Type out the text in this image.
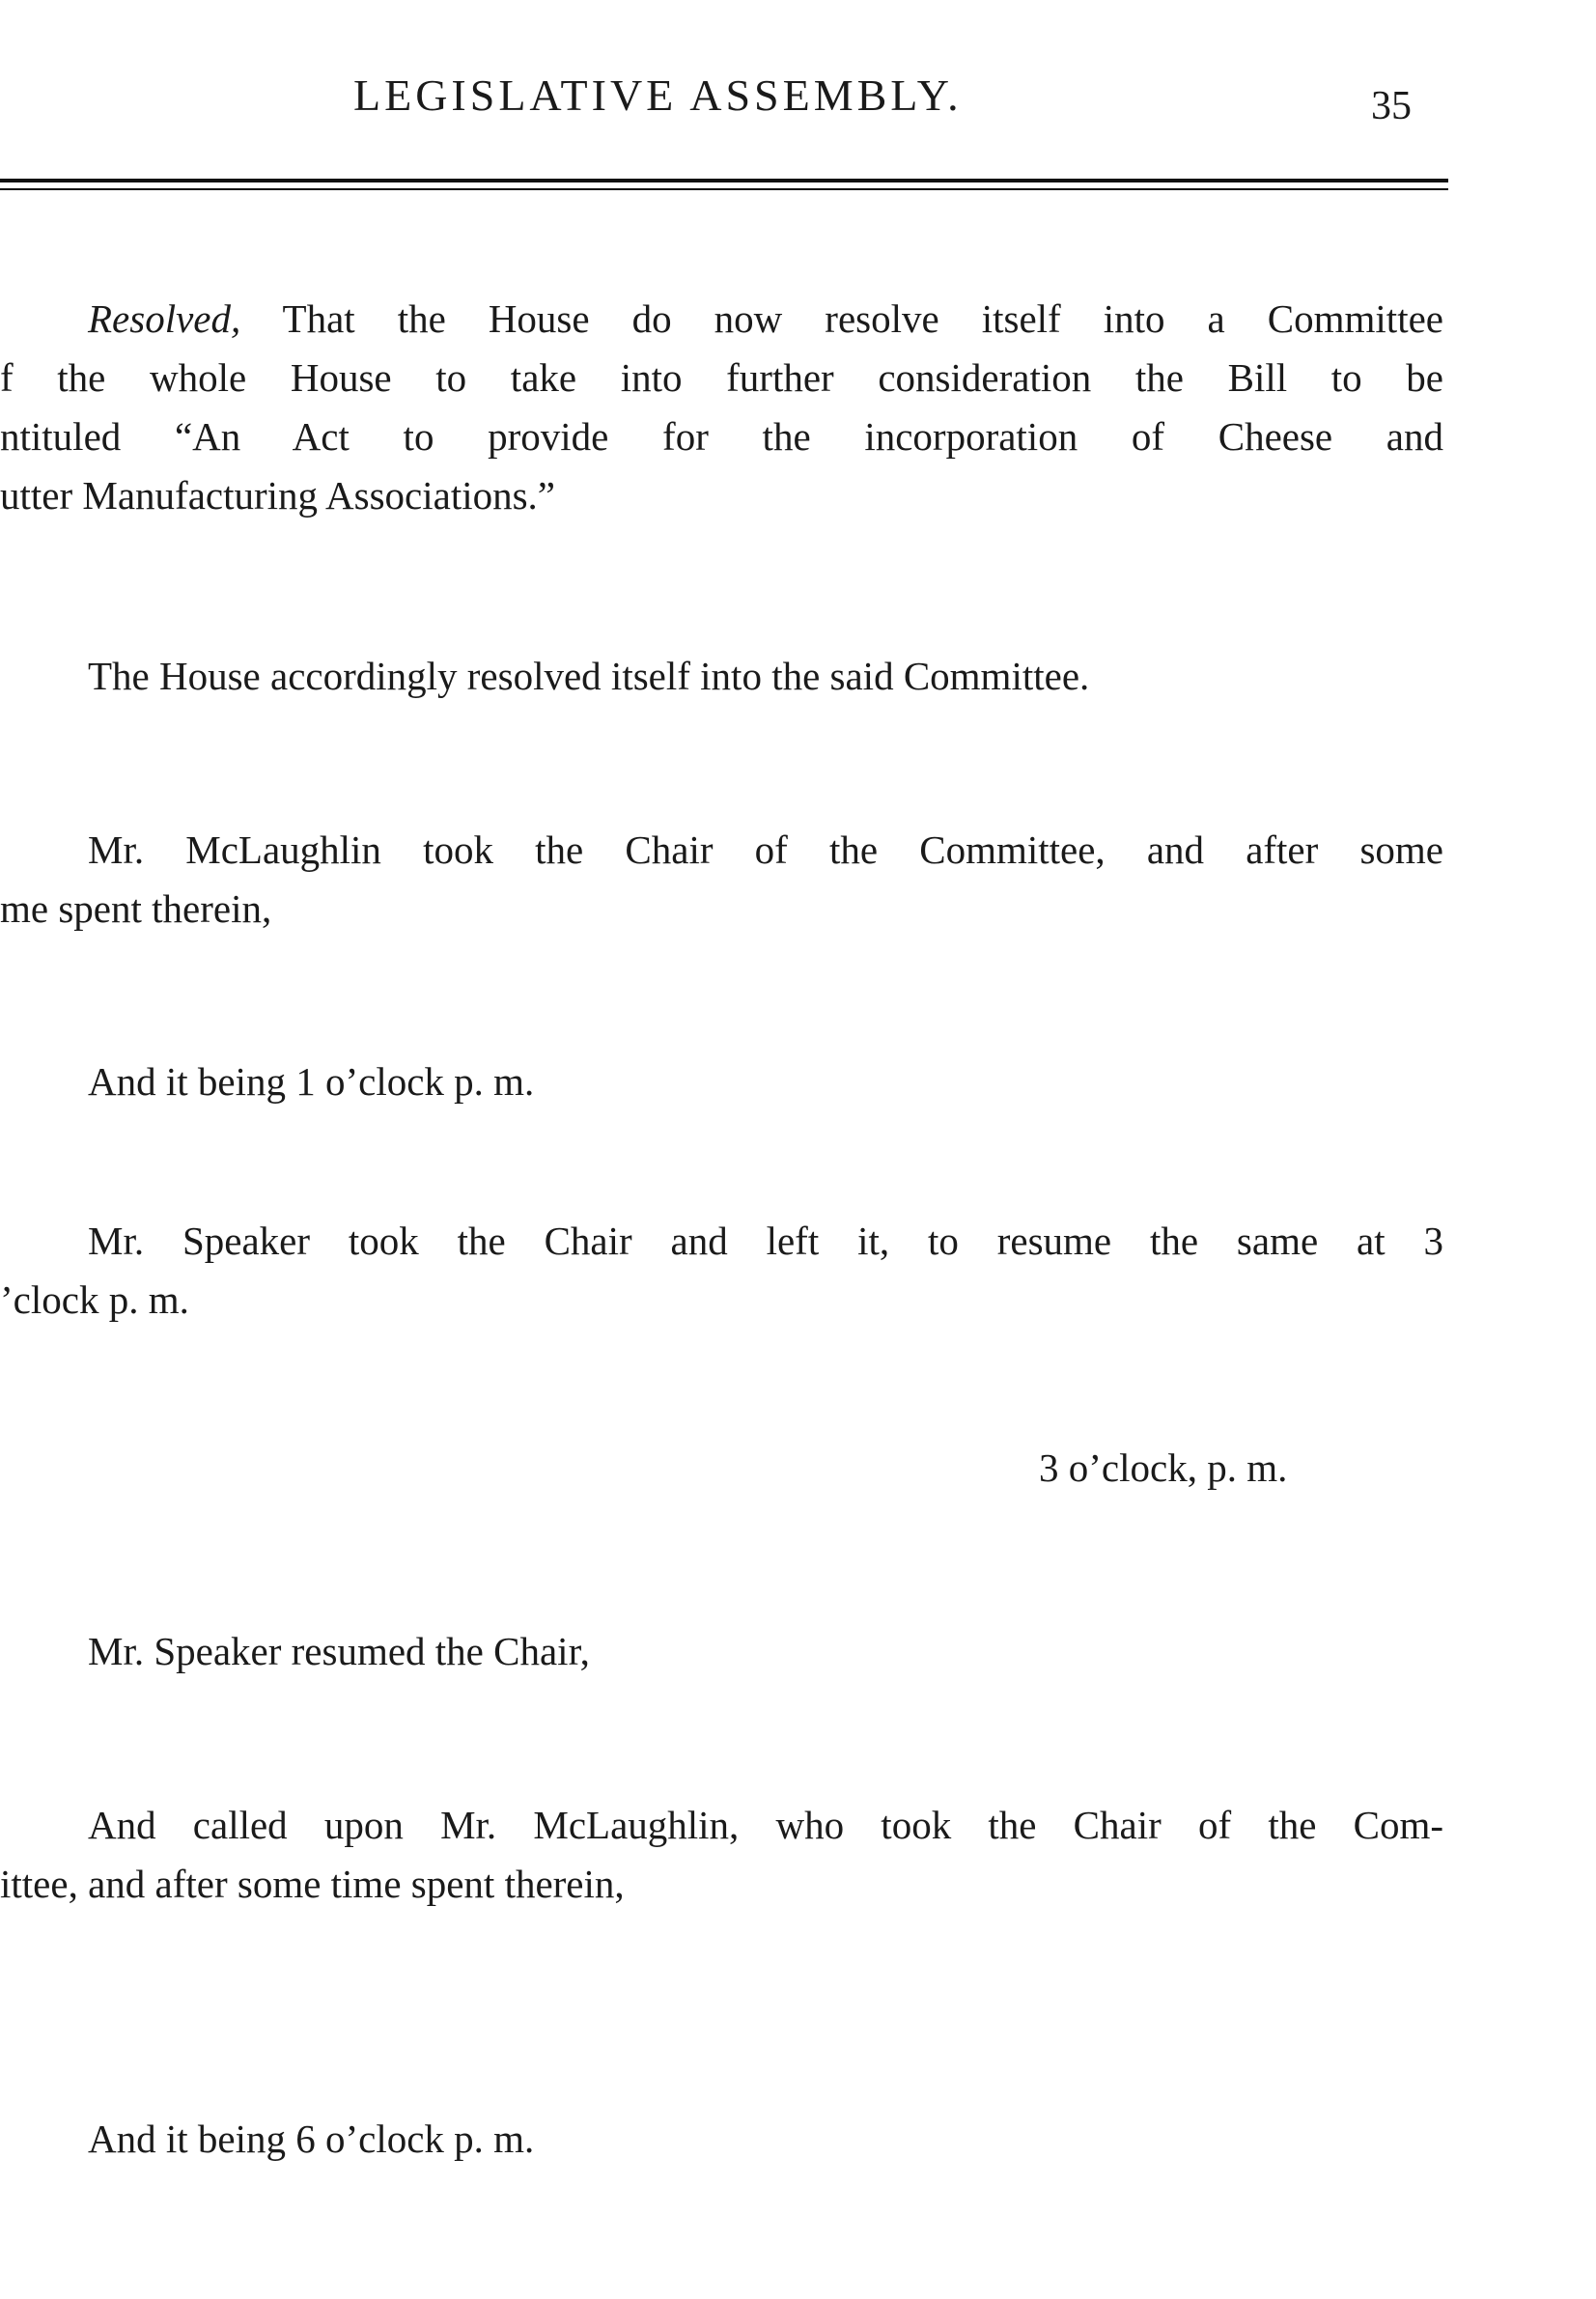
LEGISLATIVE ASSEMBLY.	35

Resolved, That the House do now resolve itself into a Committee
f the whole House to take into further consideration the Bill to be
ntituled “An Act to provide for the incorporation of Cheese and
utter Manufacturing Associations.”

The House accordingly resolved itself into the said Committee.

Mr. McLaughlin took the Chair of the Committee, and after some
me spent therein,

And it being 1 o’clock p. m.

Mr. Speaker took the Chair and left it, to resume the same at 3
’clock p. m.

3 o’clock, p. m.

Mr. Speaker resumed the Chair,

And called upon Mr. McLaughlin, who took the Chair of the Com-
ittee, and after some time spent therein,

And it being 6 o’clock p. m.
